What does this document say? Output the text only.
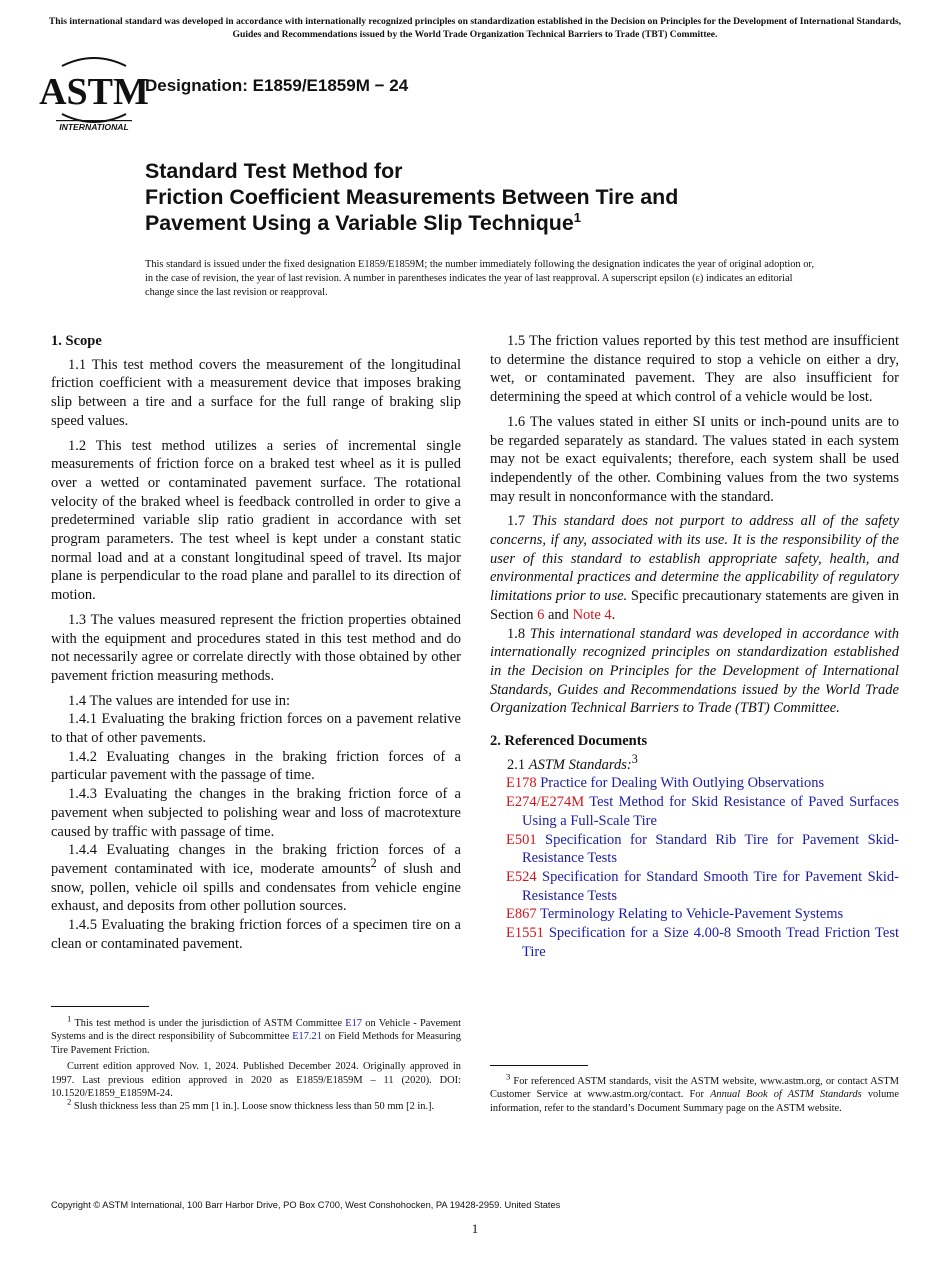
This international standard was developed in accordance with internationally recognized principles on standardization established in the Decision on Principles for the Development of International Standards, Guides and Recommendations issued by the World Trade Organization Technical Barriers to Trade (TBT) Committee.
ASTM
INTERNATIONAL
Designation: E1859/E1859M − 24
Standard Test Method for
Friction Coefficient Measurements Between Tire and
Pavement Using a Variable Slip Technique$^1$
This standard is issued under the fixed designation E1859/E1859M; the number immediately following the designation indicates the year of original adoption or, in the case of revision, the year of last revision. A number in parentheses indicates the year of last reapproval. A superscript epsilon (ε) indicates an editorial change since the last revision or reapproval.
1. Scope

1.1 This test method covers the measurement of the longitudinal friction coefficient with a measurement device that imposes braking slip between a tire and a surface for the full range of braking slip speed values.

1.2 This test method utilizes a series of incremental single measurements of friction force on a braked test wheel as it is pulled over a wetted or contaminated pavement surface. The rotational velocity of the braked wheel is feedback controlled in order to give a predetermined variable slip ratio gradient in accordance with set program parameters. The test wheel is kept under a constant static normal load and at a constant longitudinal speed of travel. Its major plane is perpendicular to the road plane and parallel to its direction of motion.

1.3 The values measured represent the friction properties obtained with the equipment and procedures stated in this test method and do not necessarily agree or correlate directly with those obtained by other pavement friction measuring methods.

1.4 The values are intended for use in:

1.4.1 Evaluating the braking friction forces on a pavement relative to that of other pavements.

1.4.2 Evaluating changes in the braking friction forces of a particular pavement with the passage of time.

1.4.3 Evaluating the changes in the braking friction force of a pavement when subjected to polishing wear and loss of macrotexture caused by traffic with passage of time.

1.4.4 Evaluating changes in the braking friction forces of a pavement contaminated with ice, moderate amounts$^2$ of slush and snow, pollen, vehicle oil spills and condensates from vehicle engine exhaust, and deposits from other pollution sources.

1.4.5 Evaluating the braking friction forces of a specimen tire on a clean or contaminated pavement.

$^1$ This test method is under the jurisdiction of ASTM Committee E17 on Vehicle - Pavement Systems and is the direct responsibility of Subcommittee E17.21 on Field Methods for Measuring Tire Pavement Friction.

Current edition approved Nov. 1, 2024. Published December 2024. Originally approved in 1997. Last previous edition approved in 2020 as E1859/E1859M – 11 (2020). DOI: 10.1520/E1859_E1859M-24.

$^2$ Slush thickness less than 25 mm [1 in.]. Loose snow thickness less than 50 mm [2 in.].

1.5 The friction values reported by this test method are insufficient to determine the distance required to stop a vehicle on either a dry, wet, or contaminated pavement. They are also insufficient for determining the speed at which control of a vehicle would be lost.

1.6 The values stated in either SI units or inch-pound units are to be regarded separately as standard. The values stated in each system may not be exact equivalents; therefore, each system shall be used independently of the other. Combining values from the two systems may result in nonconformance with the standard.

1.7 This standard does not purport to address all of the safety concerns, if any, associated with its use. It is the responsibility of the user of this standard to establish appropriate safety, health, and environmental practices and determine the applicability of regulatory limitations prior to use. Specific precautionary statements are given in Section 6 and Note 4.

1.8 This international standard was developed in accordance with internationally recognized principles on standardization established in the Decision on Principles for the Development of International Standards, Guides and Recommendations issued by the World Trade Organization Technical Barriers to Trade (TBT) Committee.

2. Referenced Documents

2.1 ASTM Standards:$^3$

E178 Practice for Dealing With Outlying Observations

E274/E274M Test Method for Skid Resistance of Paved Surfaces Using a Full-Scale Tire

E501 Specification for Standard Rib Tire for Pavement Skid-Resistance Tests

E524 Specification for Standard Smooth Tire for Pavement Skid-Resistance Tests

E867 Terminology Relating to Vehicle-Pavement Systems

E1551 Specification for a Size 4.00-8 Smooth Tread Friction Test Tire

$^3$ For referenced ASTM standards, visit the ASTM website, www.astm.org, or contact ASTM Customer Service at www.astm.org/contact. For Annual Book of ASTM Standards volume information, refer to the standard’s Document Summary page on the ASTM website.

Copyright © ASTM International, 100 Barr Harbor Drive, PO Box C700, West Conshohocken, PA 19428-2959. United States
1
